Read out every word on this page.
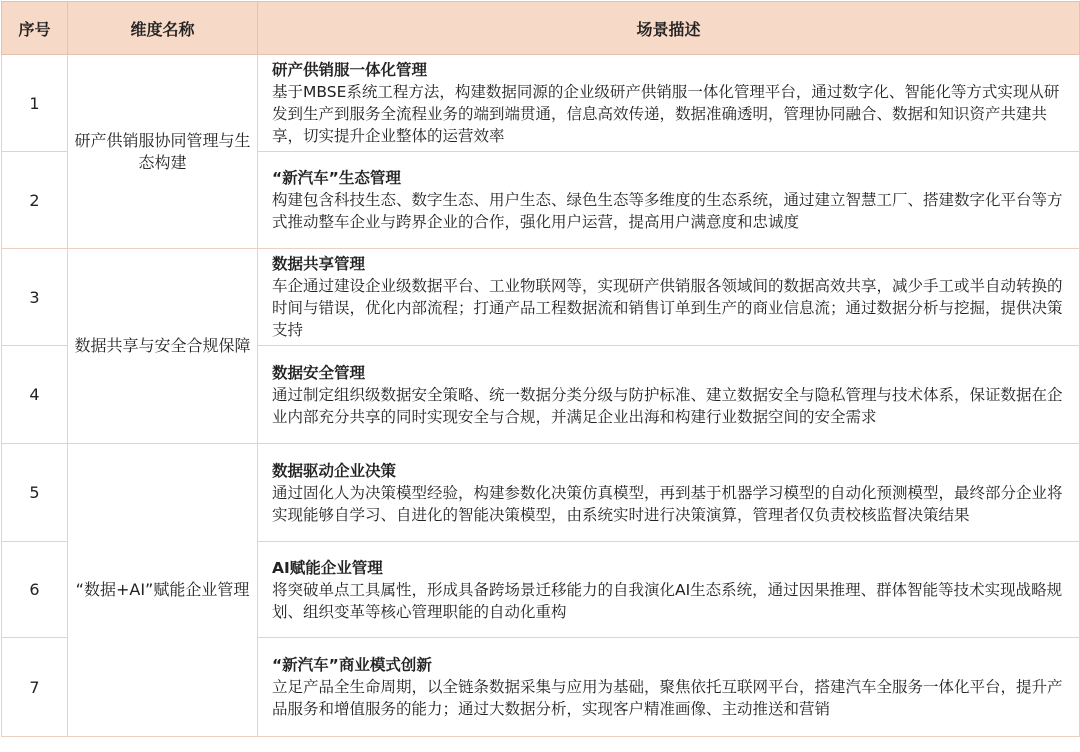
序号	维度名称	场景描述
1	研产供销服协同管理与生态构建	研产供销服一体化管理
基于MBSE系统工程方法，构建数据同源的企业级研产供销服一体化管理平台，通过数字化、智能化等方式实现从研发到生产到服务全流程业务的端到端贯通，信息高效传递，数据准确透明，管理协同融合、数据和知识资产共建共享，切实提升企业整体的运营效率

2		“新汽车”生态管理
构建包含科技生态、数字生态、用户生态、绿色生态等多维度的生态系统，通过建立智慧工厂、搭建数字化平台等方式推动整车企业与跨界企业的合作，强化用户运营，提高用户满意度和忠诚度

3	数据共享与安全合规保障	数据共享管理
车企通过建设企业级数据平台、工业物联网等，实现研产供销服各领域间的数据高效共享，减少手工或半自动转换的时间与错误，优化内部流程；打通产品工程数据流和销售订单到生产的商业信息流；通过数据分析与挖掘，提供决策支持

4		数据安全管理
通过制定组织级数据安全策略、统一数据分类分级与防护标准、建立数据安全与隐私管理与技术体系，保证数据在企业内部充分共享的同时实现安全与合规，并满足企业出海和构建行业数据空间的安全需求

5	“数据+AI”赋能企业管理	数据驱动企业决策
通过固化人为决策模型经验，构建参数化决策仿真模型，再到基于机器学习模型的自动化预测模型，最终部分企业将实现能够自学习、自进化的智能决策模型，由系统实时进行决策演算，管理者仅负责校核监督决策结果

6		AI赋能企业管理
将突破单点工具属性，形成具备跨场景迁移能力的自我演化AI生态系统，通过因果推理、群体智能等技术实现战略规划、组织变革等核心管理职能的自动化重构

7		“新汽车”商业模式创新
立足产品全生命周期，以全链条数据采集与应用为基础，聚焦依托互联网平台，搭建汽车全服务一体化平台，提升产品服务和增值服务的能力；通过大数据分析，实现客户精准画像、主动推送和营销
